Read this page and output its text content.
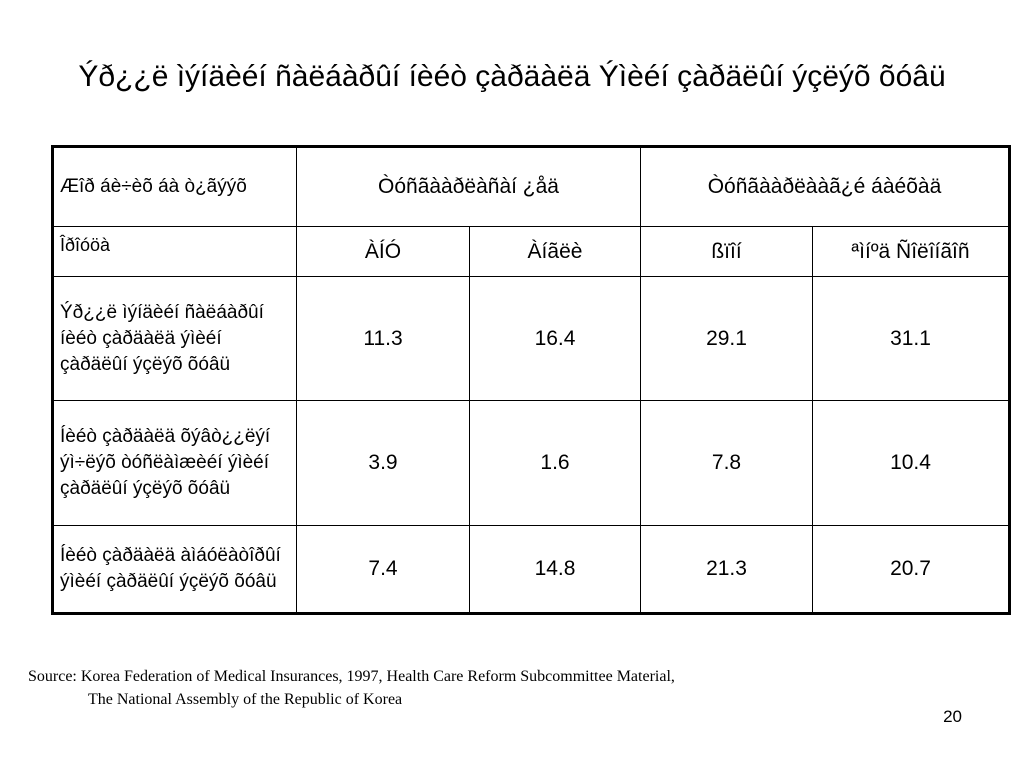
Ýð¿¿ë ìýíäèéí ñàëáàðûí íèéò çàðäàëä Ýìèéí çàðäëûí ýçëýõ õóâü
Æîð áè÷èõ áà ò¿ãýýõ	Òóñãààðëàñàí ¿åä		Òóñãààðëààã¿é áàéõàä	
Îðîóöà	ÀÍÓ	Àíãëè	ßïîí	ªìíºä Ñîëîíãîñ
Ýð¿¿ë ìýíäèéí ñàëáàðûí íèéò çàðäàëä ýìèéí çàðäëûí ýçëýõ õóâü	11.3	16.4	29.1	31.1
Íèéò çàðäàëä õýâò¿¿ëýí ýì÷ëýõ òóñëàìæèéí ýìèéí çàðäëûí ýçëýõ õóâü	3.9	1.6	7.8	10.4
Íèéò çàðäàëä àìáóëàòîðûí ýìèéí çàðäëûí ýçëýõ õóâü	7.4	14.8	21.3	20.7
Source: Korea Federation of Medical Insurances, 1997, Health Care Reform Subcommittee Material,
The National Assembly of the Republic of Korea
20
